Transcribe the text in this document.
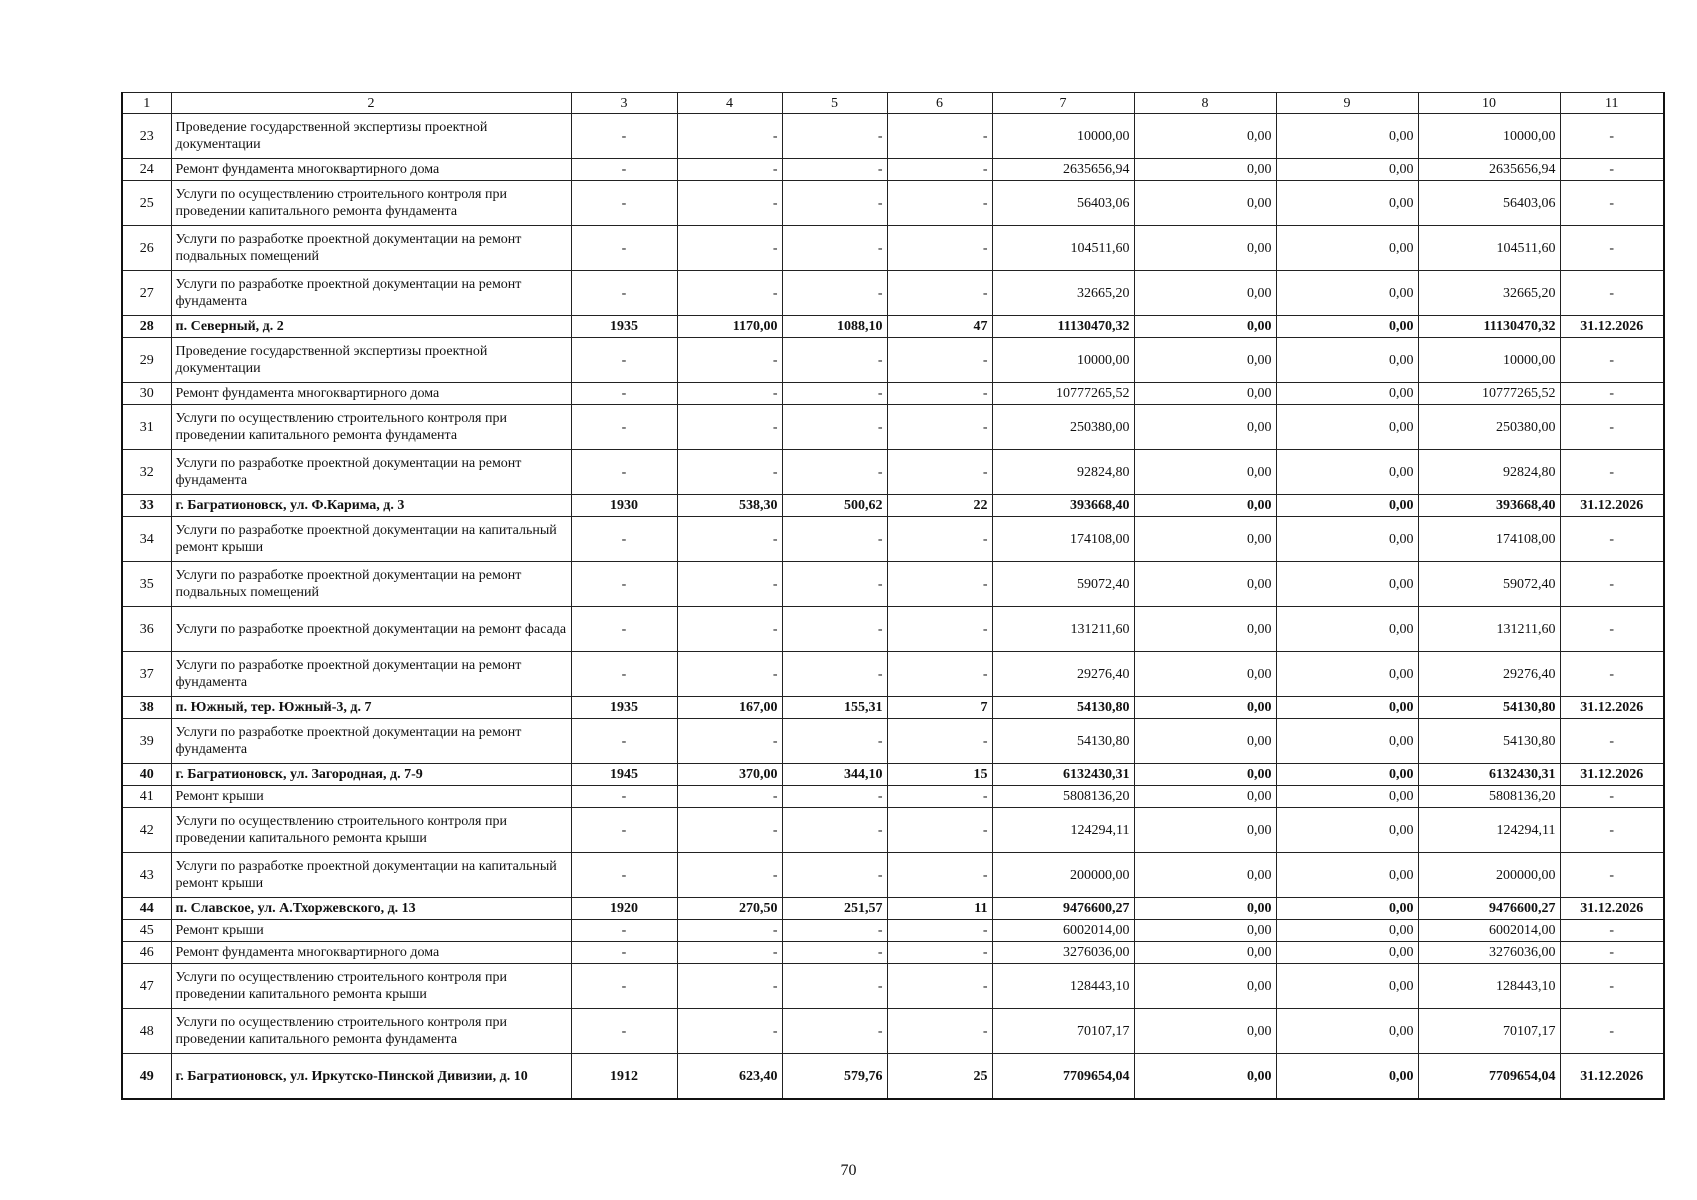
1	2	3	4	5	6	7	8	9	10	11
23	Проведение государственной экспертизы проектной документации	-	-	-	-	10000,00	0,00	0,00	10000,00	-
24	Ремонт фундамента многоквартирного дома	-	-	-	-	2635656,94	0,00	0,00	2635656,94	-
25	Услуги по осуществлению строительного контроля при проведении капитального ремонта фундамента	-	-	-	-	56403,06	0,00	0,00	56403,06	-
26	Услуги по разработке проектной документации на ремонт подвальных помещений	-	-	-	-	104511,60	0,00	0,00	104511,60	-
27	Услуги по разработке проектной документации на ремонт фундамента	-	-	-	-	32665,20	0,00	0,00	32665,20	-
28	п. Северный, д. 2	1935	1170,00	1088,10	47	11130470,32	0,00	0,00	11130470,32	31.12.2026
29	Проведение государственной экспертизы проектной документации	-	-	-	-	10000,00	0,00	0,00	10000,00	-
30	Ремонт фундамента многоквартирного дома	-	-	-	-	10777265,52	0,00	0,00	10777265,52	-
31	Услуги по осуществлению строительного контроля при проведении капитального ремонта фундамента	-	-	-	-	250380,00	0,00	0,00	250380,00	-
32	Услуги по разработке проектной документации на ремонт фундамента	-	-	-	-	92824,80	0,00	0,00	92824,80	-
33	г. Багратионовск, ул. Ф.Карима, д. 3	1930	538,30	500,62	22	393668,40	0,00	0,00	393668,40	31.12.2026
34	Услуги по разработке проектной документации на капитальный ремонт крыши	-	-	-	-	174108,00	0,00	0,00	174108,00	-
35	Услуги по разработке проектной документации на ремонт подвальных помещений	-	-	-	-	59072,40	0,00	0,00	59072,40	-
36	Услуги по разработке проектной документации на ремонт фасада	-	-	-	-	131211,60	0,00	0,00	131211,60	-
37	Услуги по разработке проектной документации на ремонт фундамента	-	-	-	-	29276,40	0,00	0,00	29276,40	-
38	п. Южный, тер. Южный-3, д. 7	1935	167,00	155,31	7	54130,80	0,00	0,00	54130,80	31.12.2026
39	Услуги по разработке проектной документации на ремонт фундамента	-	-	-	-	54130,80	0,00	0,00	54130,80	-
40	г. Багратионовск, ул. Загородная, д. 7-9	1945	370,00	344,10	15	6132430,31	0,00	0,00	6132430,31	31.12.2026
41	Ремонт крыши	-	-	-	-	5808136,20	0,00	0,00	5808136,20	-
42	Услуги по осуществлению строительного контроля при проведении капитального ремонта крыши	-	-	-	-	124294,11	0,00	0,00	124294,11	-
43	Услуги по разработке проектной документации на капитальный ремонт крыши	-	-	-	-	200000,00	0,00	0,00	200000,00	-
44	п. Славское, ул. А.Тхоржевского, д. 13	1920	270,50	251,57	11	9476600,27	0,00	0,00	9476600,27	31.12.2026
45	Ремонт крыши	-	-	-	-	6002014,00	0,00	0,00	6002014,00	-
46	Ремонт фундамента многоквартирного дома	-	-	-	-	3276036,00	0,00	0,00	3276036,00	-
47	Услуги по осуществлению строительного контроля при проведении капитального ремонта крыши	-	-	-	-	128443,10	0,00	0,00	128443,10	-
48	Услуги по осуществлению строительного контроля при проведении капитального ремонта фундамента	-	-	-	-	70107,17	0,00	0,00	70107,17	-
49	г. Багратионовск, ул. Иркутско-Пинской Дивизии, д. 10	1912	623,40	579,76	25	7709654,04	0,00	0,00	7709654,04	31.12.2026
70
